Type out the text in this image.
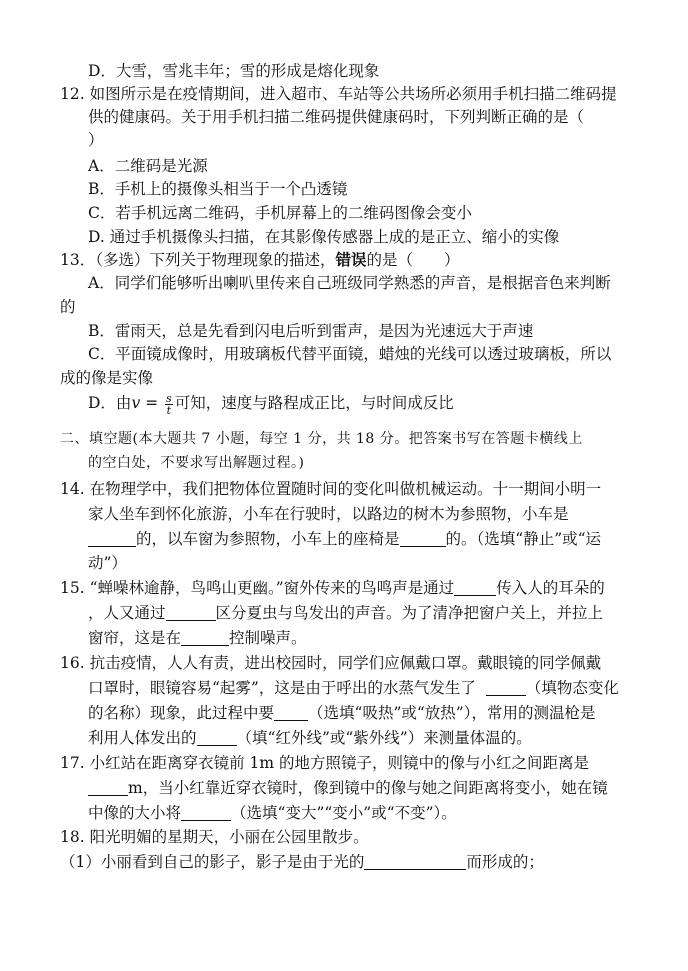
D．大雪，雪兆丰年；雪的形成是熔化现象
12. 如图所示是在疫情期间，进入超市、车站等公共场所必须用手机扫描二维码提
供的健康码。关于用手机扫描二维码提供健康码时，下列判断正确的是（
）
A．二维码是光源
B．手机上的摄像头相当于一个凸透镜
C．若手机远离二维码，手机屏幕上的二维码图像会变小
D. 通过手机摄像头扫描，在其影像传感器上成的是正立、缩小的实像
13．（多选）下列关于物理现象的描述，错误的是（　　）
A．同学们能够听出喇叭里传来自己班级同学熟悉的声音，是根据音色来判断
的
B．雷雨天，总是先看到闪电后听到雷声，是因为光速远大于声速
C．平面镜成像时，用玻璃板代替平面镜，蜡烛的光线可以透过玻璃板，所以
成的像是实像
D．由$v = \frac{s}{t}$ 可知，速度与路程成正比，与时间成反比
二、填空题(本大题共 7 小题，每空 1 分，共 18 分。把答案书写在答题卡横线上
的空白处，不要求写出解题过程。)
14. 在物理学中，我们把物体位置随时间的变化叫做机械运动。十一期间小明一
家人坐车到怀化旅游，小车在行驶时，以路边的树木为参照物，小车是
的，以车窗为参照物，小车上的座椅是	的。（选填“静止”或“运
动”）
15. “蝉噪林逾静，鸟鸣山更幽。”窗外传来的鸟鸣声是通过	传入人的耳朵的
，人又通过	区分夏虫与鸟发出的声音。为了清净把窗户关上，并拉上
窗帘，这是在	控制噪声。
16. 抗击疫情，人人有责，进出校园时，同学们应佩戴口罩。戴眼镜的同学佩戴
口罩时，眼镜容易“起雾”，这是由于呼出的水蒸气发生了	（填物态变化
的名称）现象，此过程中要 （选填“吸热”或“放热”），常用的测温枪是
利用人体发出的	（填“红外线”或“紫外线”）来测量体温的。
17. 小红站在距离穿衣镜前 1m 的地方照镜子，则镜中的像与小红之间距离是
m，当小红靠近穿衣镜时，像到镜中的像与她之间距离将变小，她在镜
中像的大小将	（选填“变大”“变小”或“不变”）。
18. 阳光明媚的星期天，小丽在公园里散步。
（1）小丽看到自己的影子，影子是由于光的	而形成的；
